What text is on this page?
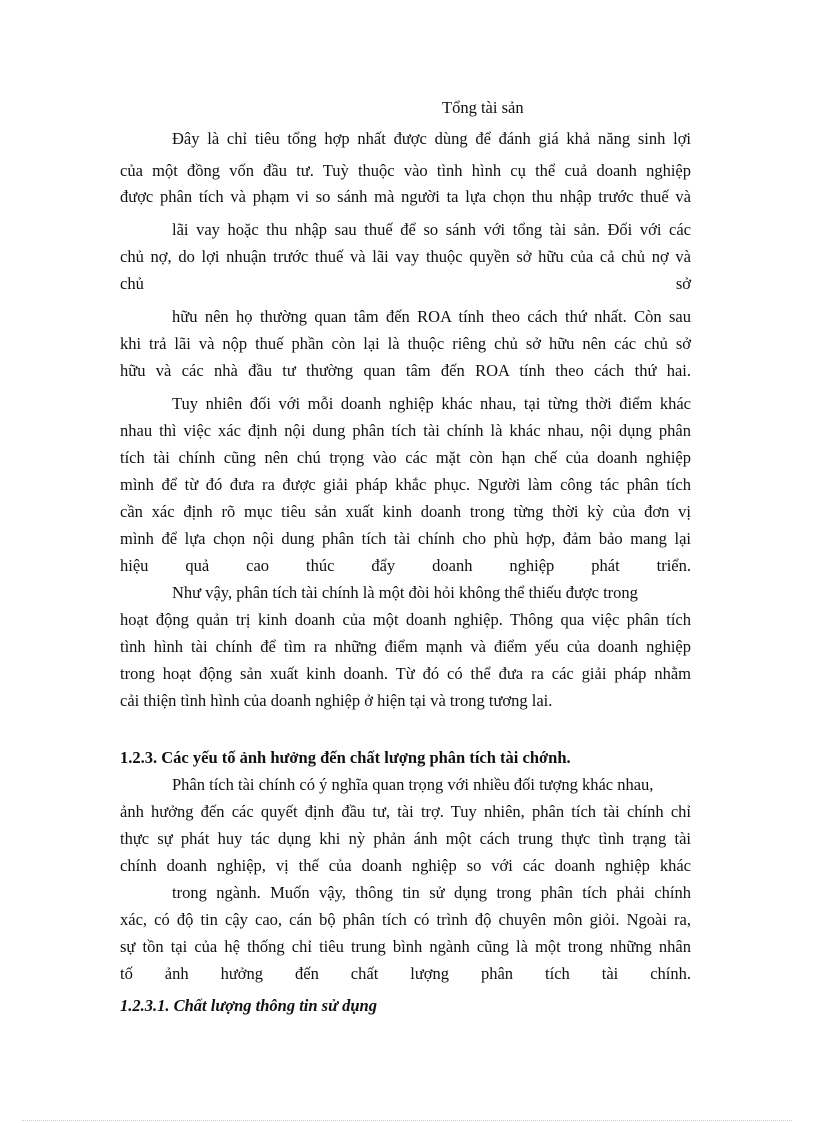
Tổng tài sản
Đây là chỉ tiêu tổng hợp nhất được dùng để đánh giá khả năng sinh lợi
của một đồng vốn đầu tư. Tuỳ thuộc vào tình hình cụ thể cuả doanh nghiệp
được phân tích và phạm vi so sánh mà người ta lựa chọn thu nhập trước thuế và
lãi vay hoặc thu nhập sau thuế để so sánh với tổng tài sản. Đối với các
chủ nợ, do lợi nhuận trước thuế và lãi vay thuộc quyền sở hữu của cả chủ nợ và
chủ sở
hữu nên họ thường quan tâm đến ROA tính theo cách thứ nhất. Còn sau
khi trả lãi và nộp thuế phần còn lại là thuộc riêng chủ sở hữu nên các chủ sở
hữu và các nhà đầu tư thường quan tâm đến ROA tính theo cách thứ hai.
Tuy nhiên đối với mỗi doanh nghiệp khác nhau, tại từng thời điểm khác
nhau thì việc xác định nội dung phân tích tài chính là khác nhau, nội dụng phân
tích tài chính cũng nên chú trọng vào các mặt còn hạn chế của doanh nghiệp
mình để từ đó đưa ra được giải pháp khắc phục. Người làm công tác phân tích
cần xác định rõ mục tiêu sản xuất kinh doanh trong từng thời kỳ của đơn vị
mình để lựa chọn nội dung phân tích tài chính cho phù hợp, đảm bảo mang lại
hiệu quả cao thúc đẩy doanh nghiệp phát triển.
Như vậy, phân tích tài chính là một đòi hỏi không thể thiếu được trong
hoạt động quản trị kinh doanh của một doanh nghiệp. Thông qua việc phân tích
tình hình tài chính để tìm ra những điểm mạnh và điểm yếu của doanh nghiệp
trong hoạt động sản xuất kinh doanh. Từ đó có thể đưa ra các giải pháp nhằm
cải thiện tình hình của doanh nghiệp ở hiện tại và trong tương lai.
1.2.3. Các yếu tố ảnh hưởng đến chất lượng phân tích tài chớnh.
Phân tích tài chính có ý nghĩa quan trọng với nhiều đối tượng khác nhau,
ảnh hưởng đến các quyết định đầu tư, tài trợ. Tuy nhiên, phân tích tài chính chỉ
thực sự phát huy tác dụng khi nỳ phản ánh một cách trung thực tình trạng tài
chính doanh nghiệp, vị thế của doanh nghiệp so với các doanh nghiệp khác
trong ngành. Muốn vậy, thông tin sử dụng trong phân tích phải chính
xác, có độ tin cậy cao, cán bộ phân tích có trình độ chuyên môn giỏi. Ngoài ra,
sự tồn tại của hệ thống chỉ tiêu trung bình ngành cũng là một trong những nhân
tố ảnh hưởng đến chất lượng phân tích tài chính.
1.2.3.1. Chất lượng thông tin sử dụng
